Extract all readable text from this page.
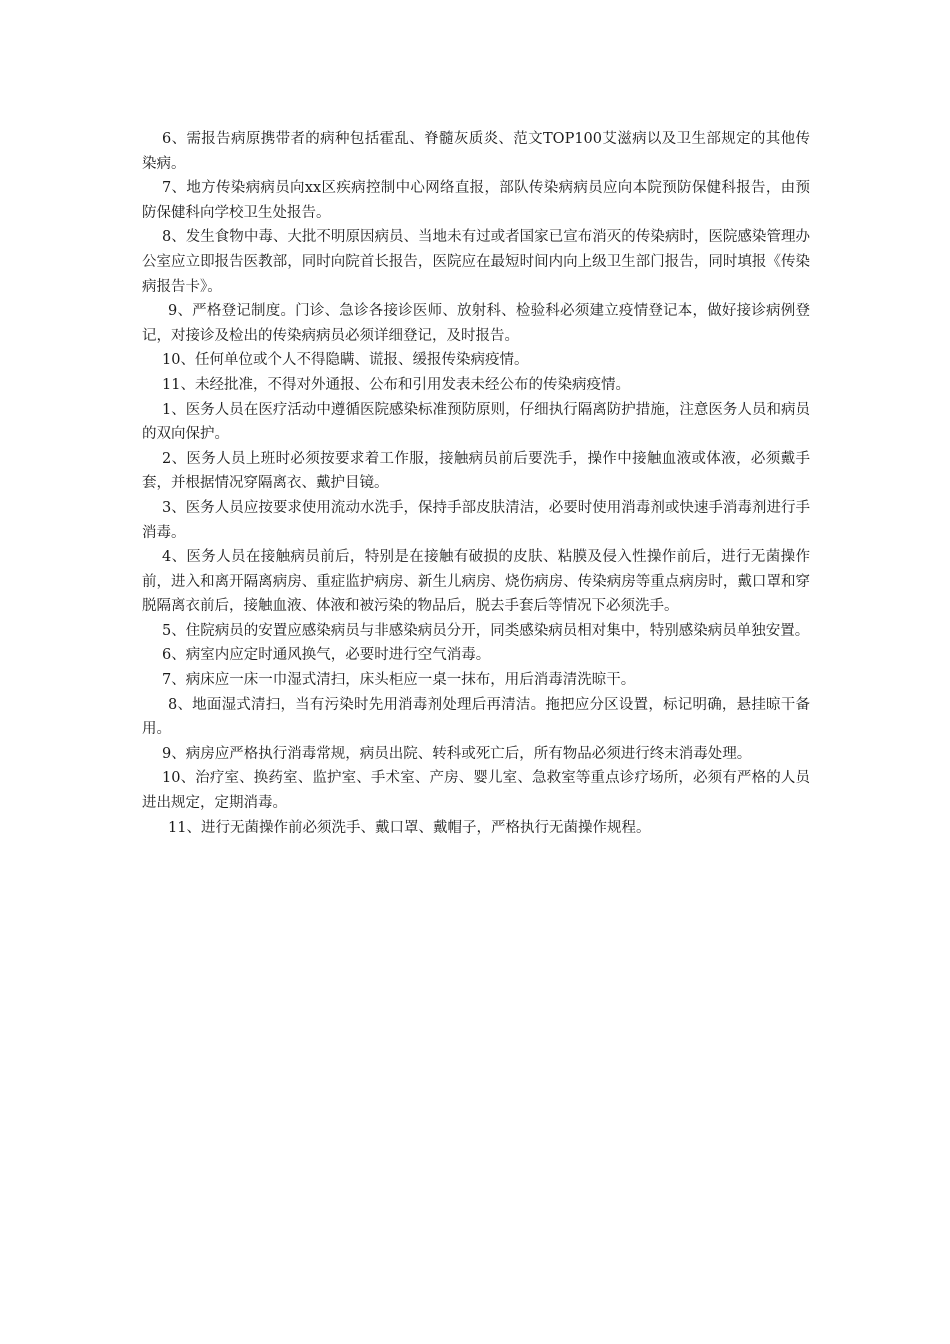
6、需报告病原携带者的病种包括霍乱、脊髓灰质炎、范文TOP100艾滋病以及卫生部规定的其他传染病。

7、地方传染病病员向xx区疾病控制中心网络直报，部队传染病病员应向本院预防保健科报告，由预防保健科向学校卫生处报告。

8、发生食物中毒、大批不明原因病员、当地未有过或者国家已宣布消灭的传染病时，医院感染管理办公室应立即报告医教部，同时向院首长报告，医院应在最短时间内向上级卫生部门报告，同时填报《传染病报告卡》。

9、严格登记制度。门诊、急诊各接诊医师、放射科、检验科必须建立疫情登记本，做好接诊病例登记，对接诊及检出的传染病病员必须详细登记，及时报告。

10、任何单位或个人不得隐瞒、谎报、缓报传染病疫情。

11、未经批准，不得对外通报、公布和引用发表未经公布的传染病疫情。

1、医务人员在医疗活动中遵循医院感染标准预防原则，仔细执行隔离防护措施，注意医务人员和病员的双向保护。

2、医务人员上班时必须按要求着工作服，接触病员前后要洗手，操作中接触血液或体液，必须戴手套，并根据情况穿隔离衣、戴护目镜。

3、医务人员应按要求使用流动水洗手，保持手部皮肤清洁，必要时使用消毒剂或快速手消毒剂进行手消毒。

4、医务人员在接触病员前后，特别是在接触有破损的皮肤、粘膜及侵入性操作前后，进行无菌操作前，进入和离开隔离病房、重症监护病房、新生儿病房、烧伤病房、传染病房等重点病房时，戴口罩和穿脱隔离衣前后，接触血液、体液和被污染的物品后，脱去手套后等情况下必须洗手。

5、住院病员的安置应感染病员与非感染病员分开，同类感染病员相对集中，特别感染病员单独安置。

6、病室内应定时通风换气，必要时进行空气消毒。

7、病床应一床一巾湿式清扫，床头柜应一桌一抹布，用后消毒清洗晾干。

8、地面湿式清扫，当有污染时先用消毒剂处理后再清洁。拖把应分区设置，标记明确，悬挂晾干备用。

9、病房应严格执行消毒常规，病员出院、转科或死亡后，所有物品必须进行终末消毒处理。

10、治疗室、换药室、监护室、手术室、产房、婴儿室、急救室等重点诊疗场所，必须有严格的人员进出规定，定期消毒。

11、进行无菌操作前必须洗手、戴口罩、戴帽子，严格执行无菌操作规程。
